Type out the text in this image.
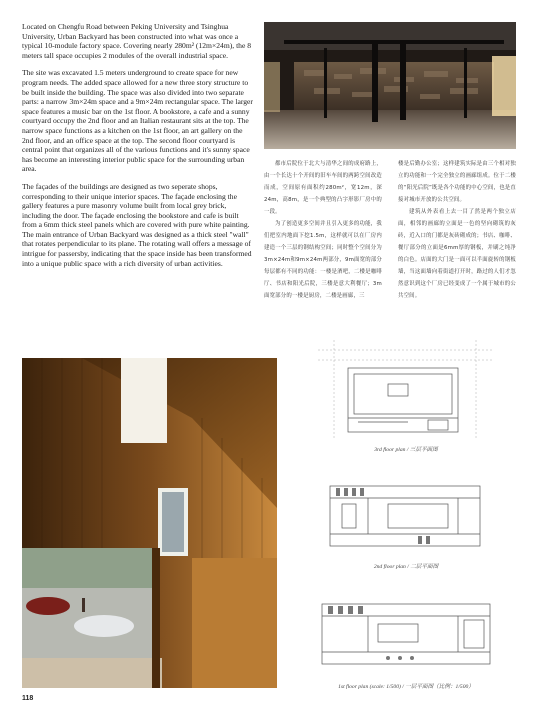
Located on Chengfu Road between Peking University and Tsinghua University, Urban Backyard has been constructed into what was once a typical 10-module factory space. Covering nearly 280m² (12m×24m), the 8 meters tall space occupies 2 modules of the overall industrial space.

The site was excavated 1.5 meters underground to create space for new program needs. The added space allowed for a new three story structure to be built inside the building. The space was also divided into two separate parts: a narrow 3m×24m space and a 9m×24m rectangular space. The larger space features a music bar on the 1st floor. A bookstore, a cafe and a sunny courtyard occupy the 2nd floor and an Italian restaurant sits at the top. The narrow space functions as a kitchen on the 1st floor, an art gallery on the 2nd floor, and an office space at the top. The second floor courtyard is central point that organizes all of the various functions and it's sunny space has become an interesting interior public space for the surrounding urban area.

The façades of the buildings are designed as two seperate shops, corresponding to their unique interior spaces. The façade enclosing the gallery features a pure masonry volume built from local grey brick, including the door. The façade enclosing the bookstore and cafe is built from a 6mm thick steel panels which are covered with pure white painting. The main entrance of Urban Backyard was designed as a thick steel "wall" that rotates perpendicular to its plane. The rotating wall offers a message of intrigue for passersby, indicating that the space inside has been transformed into a unique public space with a rich diversity of urban activities.

都市后院位于北大与清华之间的成府路上，由一个长达十个开间的旧车车间的两跨空间改造而成，空间原有面积约280m²，宽12m，深24m，高8m，是一个典型的凸字形影厂房中的一段。

为了创造更多空间并且引入更多的功能，我们把室内地面下挖1.5m，这样就可以在厂房内建造一个三层的钢结构空间；同时整个空间分为3m×24m和9m×24m两部分，9m面宽的部分每层都有不同的功能：一楼是酒吧，二楼是咖啡厅、书店和阳光后院，三楼是意大利餐厅；3m面宽部分的一楼是厨房，二楼是画廊，三

楼是后勤办公室；这样建筑实际是由三个相对独立的功能和一个完全独立的画廊组成。位于二楼的“阳光后院”既是各个功能的中心空间，也是直接对城市开放的公共空间。

建筑从外表看上去一目了然是两个独立店面，相邻的画廊的立面是一色的坚向砌筑的灰砖，近入口的门都是灰砖砌成的；书店、咖啡、餐厅部分的立面是6mm厚的钢板，并刷之纯净的白色。店面的大门是一面可以半面旋转的钢板墙，当这面墙向着街道打开时，路过的人们才忽然意识到这个厂房已经变成了一个属于城市的公共空间。

3rd floor plan / 三层平面图
2nd floor plan / 二层平面图
1st floor plan (scale: 1/500) / 一层平面图（比例：1/500）
118
